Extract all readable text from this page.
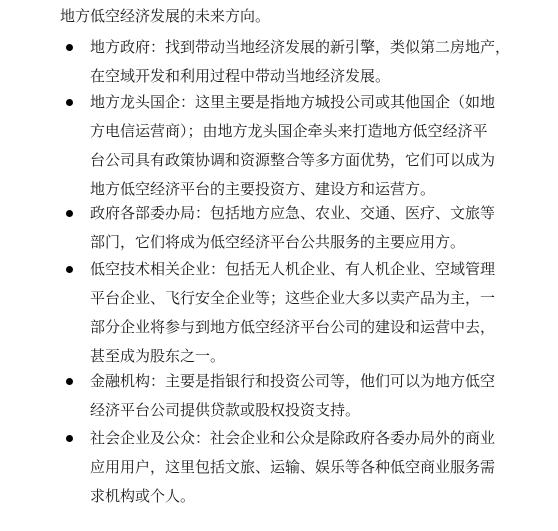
地方低空经济发展的未来方向。
地方政府：找到带动当地经济发展的新引擎，类似第二房地产，
在空域开发和利用过程中带动当地经济发展。
地方龙头国企：这里主要是指地方城投公司或其他国企（如地
方电信运营商）；由地方龙头国企牵头来打造地方低空经济平
台公司具有政策协调和资源整合等多方面优势，它们可以成为
地方低空经济平台的主要投资方、建设方和运营方。
政府各部委办局：包括地方应急、农业、交通、医疗、文旅等
部门，它们将成为低空经济平台公共服务的主要应用方。
低空技术相关企业：包括无人机企业、有人机企业、空域管理
平台企业、飞行安全企业等；这些企业大多以卖产品为主，一
部分企业将参与到地方低空经济平台公司的建设和运营中去，
甚至成为股东之一。
金融机构：主要是指银行和投资公司等，他们可以为地方低空
经济平台公司提供贷款或股权投资支持。
社会企业及公众：社会企业和公众是除政府各委办局外的商业
应用用户，这里包括文旅、运输、娱乐等各种低空商业服务需
求机构或个人。
